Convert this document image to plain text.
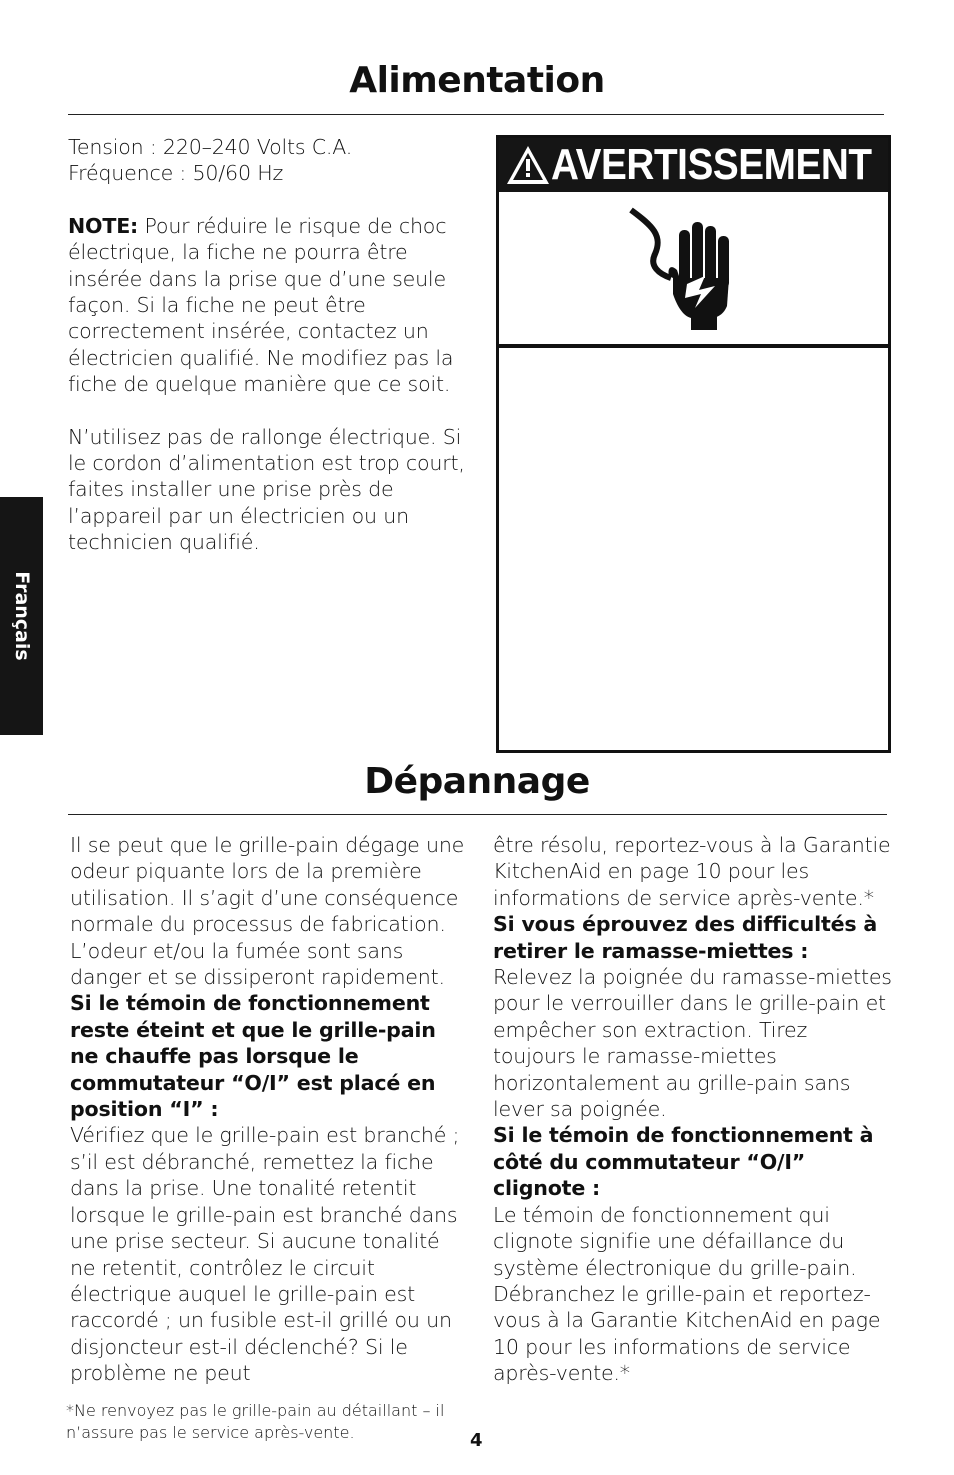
Alimentation

Tension : 220–240 Volts C.A.

Fréquence : 50/60 Hz

NOTE: Pour réduire le risque de choc électrique, la fiche ne pourra être insérée dans la prise que d’une seule façon. Si la fiche ne peut être correctement insérée, contactez un électricien qualifié. Ne modifiez pas la fiche de quelque manière que ce soit.

N’utilisez pas de rallonge électrique. Si le cordon d’alimentation est trop court, faites installer une prise près de l’appareil par un électricien ou un technicien qualifié.

AVERTISSEMENT
Français
Dépannage

Il se peut que le grille-pain dégage une odeur piquante lors de la première utilisation. Il s’agit d’une conséquence normale du processus de fabrication. L’odeur et/ou la fumée sont sans danger et se dissiperont rapidement.

Si le témoin de fonctionnement reste éteint et que le grille-pain ne chauffe pas lorsque le commutateur “O/I” est placé en position “I” :

Vérifiez que le grille-pain est branché ; s’il est débranché, remettez la fiche dans la prise. Une tonalité retentit lorsque le grille-pain est branché dans une prise secteur. Si aucune tonalité ne retentit, contrôlez le circuit électrique auquel le grille-pain est raccordé ; un fusible est-il grillé ou un disjoncteur est-il déclenché? Si le problème ne peut

être résolu, reportez-vous à la Garantie KitchenAid en page 10 pour les informations de service après-vente.*

Si vous éprouvez des difficultés à retirer le ramasse-miettes :

Relevez la poignée du ramasse-miettes pour le verrouiller dans le grille-pain et empêcher son extraction. Tirez toujours le ramasse-miettes horizontalement au grille-pain sans lever sa poignée.

Si le témoin de fonctionnement à côté du commutateur “O/I” clignote :

Le témoin de fonctionnement qui clignote signifie une défaillance du système électronique du grille-pain. Débranchez le grille-pain et reportez-vous à la Garantie KitchenAid en page 10 pour les informations de service après-vente.*

*Ne renvoyez pas le grille-pain au détaillant – il n’assure pas le service après-vente.	4
